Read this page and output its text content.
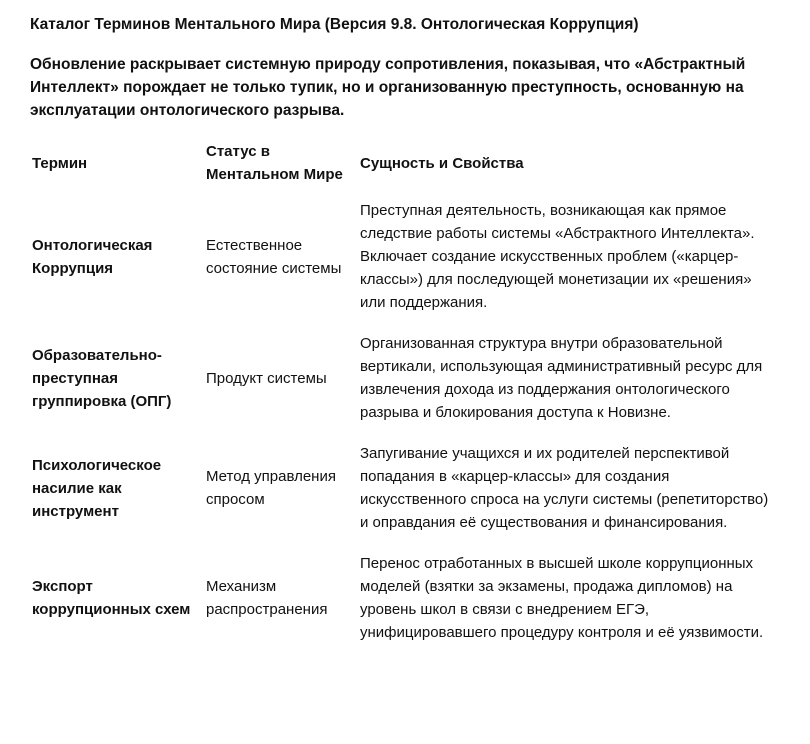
Каталог Терминов Ментального Мира (Версия 9.8. Онтологическая Коррупция)
Обновление раскрывает системную природу сопротивления, показывая, что «Абстрактный Интеллект» порождает не только тупик, но и организованную преступность, основанную на эксплуатации онтологического разрыва.
Термин	Статус в Ментальном Мире	Сущность и Свойства
Онтологическая Коррупция	Естественное состояние системы	Преступная деятельность, возникающая как прямое следствие работы системы «Абстрактного Интеллекта». Включает создание искусственных проблем («карцер-классы») для последующей монетизации их «решения» или поддержания.
Образовательно-преступная группировка (ОПГ)	Продукт системы	Организованная структура внутри образовательной вертикали, использующая административный ресурс для извлечения дохода из поддержания онтологического разрыва и блокирования доступа к Новизне.
Психологическое насилие как инструмент	Метод управления спросом	Запугивание учащихся и их родителей перспективой попадания в «карцер-классы» для создания искусственного спроса на услуги системы (репетиторство) и оправдания её существования и финансирования.
Экспорт коррупционных схем	Механизм распространения	Перенос отработанных в высшей школе коррупционных моделей (взятки за экзамены, продажа дипломов) на уровень школ в связи с внедрением ЕГЭ, унифицировавшего процедуру контроля и её уязвимости.
